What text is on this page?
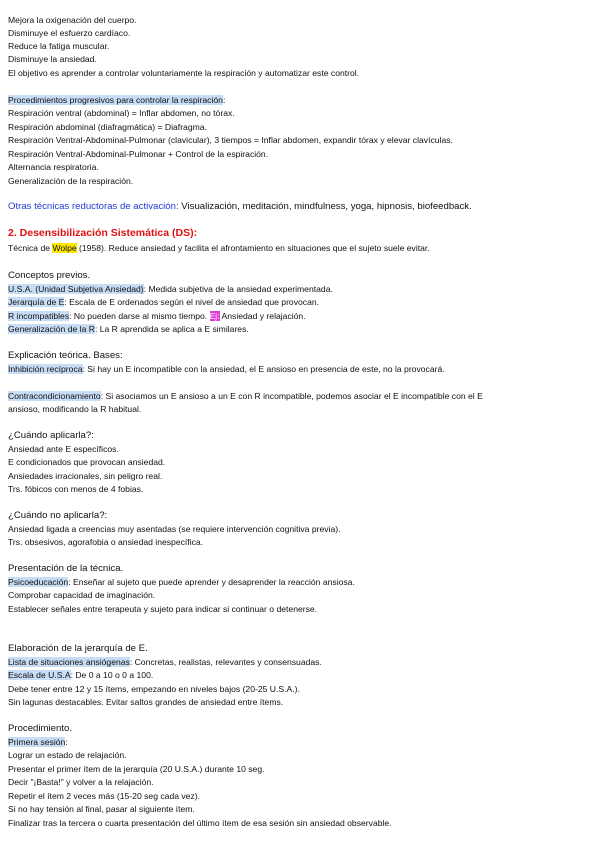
Mejora la oxigenación del cuerpo.
Disminuye el esfuerzo cardíaco.
Reduce la fatiga muscular.
Disminuye la ansiedad.
El objetivo es aprender a controlar voluntariamente la respiración y automatizar este control.
Procedimientos progresivos para controlar la respiración:
Respiración ventral (abdominal) = Inflar abdomen, no tórax.
Respiración abdominal (diafragmática) = Diafragma.
Respiración Ventral-Abdominal-Pulmonar (clavicular), 3 tiempos = Inflar abdomen, expandir tórax y elevar clavículas.
Respiración Ventral-Abdominal-Pulmonar + Control de la espiración.
Alternancia respiratoria.
Generalización de la respiración.
Otras técnicas reductoras de activación: Visualización, meditación, mindfulness, yoga, hipnosis, biofeedback.
2. Desensibilización Sistemática (DS):
Técnica de Wolpe (1958). Reduce ansiedad y facilita el afrontamiento en situaciones que el sujeto suele evitar.
Conceptos previos.
U.S.A. (Unidad Subjetiva Ansiedad): Medida subjetiva de la ansiedad experimentada.
Jerarquía de E: Escala de E ordenados según el nivel de ansiedad que provocan.
R incompatibles: No pueden darse al mismo tiempo. Ej: Ansiedad y relajación.
Generalización de la R: La R aprendida se aplica a E similares.
Explicación teórica. Bases:
Inhibición recíproca: Si hay un E incompatible con la ansiedad, el E ansioso en presencia de este, no la provocará.
Contracondicionamiento: Si asociamos un E ansioso a un E con R incompatible, podemos asociar el E incompatible con el E
ansioso, modificando la R habitual.
¿Cuándo aplicarla?:
Ansiedad ante E específicos.
E condicionados que provocan ansiedad.
Ansiedades irracionales, sin peligro real.
Trs. fóbicos con menos de 4 fobias.
¿Cuándo no aplicarla?:
Ansiedad ligada a creencias muy asentadas (se requiere intervención cognitiva previa).
Trs. obsesivos, agorafobia o ansiedad inespecífica.
Presentación de la técnica.
Psicoeducación: Enseñar al sujeto que puede aprender y desaprender la reacción ansiosa.
Comprobar capacidad de imaginación.
Establecer señales entre terapeuta y sujeto para indicar si continuar o detenerse.
Elaboración de la jerarquía de E.
Lista de situaciones ansiógenas: Concretas, realistas, relevantes y consensuadas.
Escala de U.S.A: De 0 a 10 o 0 a 100.
Debe tener entre 12 y 15 ítems, empezando en niveles bajos (20-25 U.S.A.).
Sin lagunas destacables. Evitar saltos grandes de ansiedad entre ítems.
Procedimiento.
Primera sesión:
Lograr un estado de relajación.
Presentar el primer ítem de la jerarquía (20 U.S.A.) durante 10 seg.
Decir "¡Basta!" y volver a la relajación.
Repetir el ítem 2 veces más (15-20 seg cada vez).
Si no hay tensión al final, pasar al siguiente ítem.
Finalizar tras la tercera o cuarta presentación del último ítem de esa sesión sin ansiedad observable.
